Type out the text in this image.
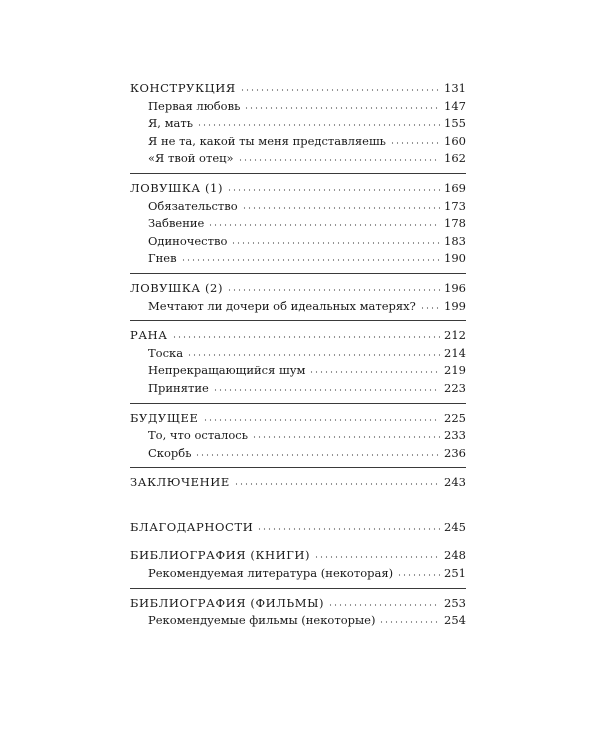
КОНСТРУКЦИЯ	131
Первая любовь	147
Я, мать	155
Я не та, какой ты меня представляешь	160
«Я твой отец»	162
ЛОВУШКА (1)	169
Обязательство	173
Забвение	178
Одиночество	183
Гнев	190
ЛОВУШКА (2)	196
Мечтают ли дочери об идеальных матерях? 199
РАНА	212
Тоска	214
Непрекращающийся шум	219
Принятие	223
БУДУЩЕЕ	225
То, что осталось	233
Скорбь	236
ЗАКЛЮЧЕНИЕ	243
БЛАГОДАРНОСТИ	245
БИБЛИОГРАФИЯ (КНИГИ)	248
Рекомендуемая литература (некоторая)	251
БИБЛИОГРАФИЯ (ФИЛЬМЫ)	253
Рекомендуемые фильмы (некоторые)	254
